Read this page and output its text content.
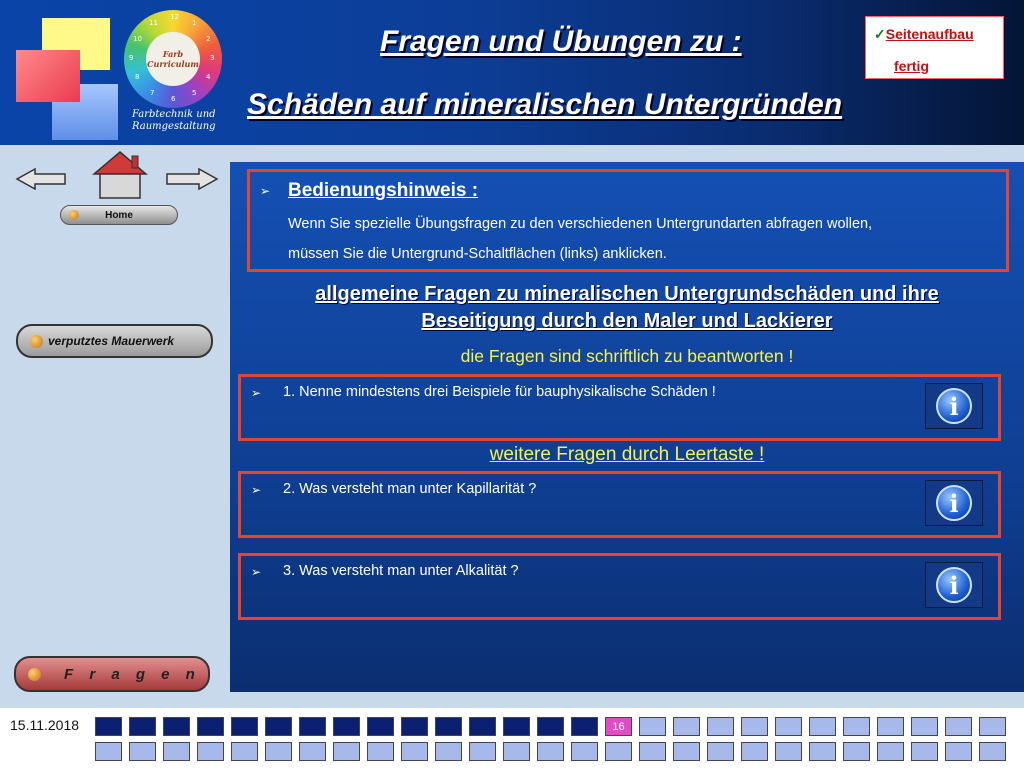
12
1
2
3
4
5
6
7
8
9
10
11
Farb
Curriculum
Farbtechnik und
Raumgestaltung
Fragen und Übungen zu :
Schäden auf mineralischen Untergründen
✓Seitenaufbau
fertig
Home
verputztes Mauerwerk
F r a g e n
➢ Bedienungshinweis :
Wenn Sie spezielle Übungsfragen zu den verschiedenen Untergrundarten abfragen wollen,
müssen Sie die Untergrund-Schaltflächen (links) anklicken.
allgemeine Fragen zu mineralischen Untergrundschäden und ihre
Beseitigung durch den Maler und Lackierer
die Fragen sind schriftlich zu beantworten !
➢ 1. Nenne mindestens drei Beispiele für bauphysikalische Schäden !	i
weitere Fragen durch Leertaste !
➢ 2. Was versteht man unter Kapillarität ?	i
➢ 3. Was versteht man unter Alkalität ?	i
15.11.2018	16
